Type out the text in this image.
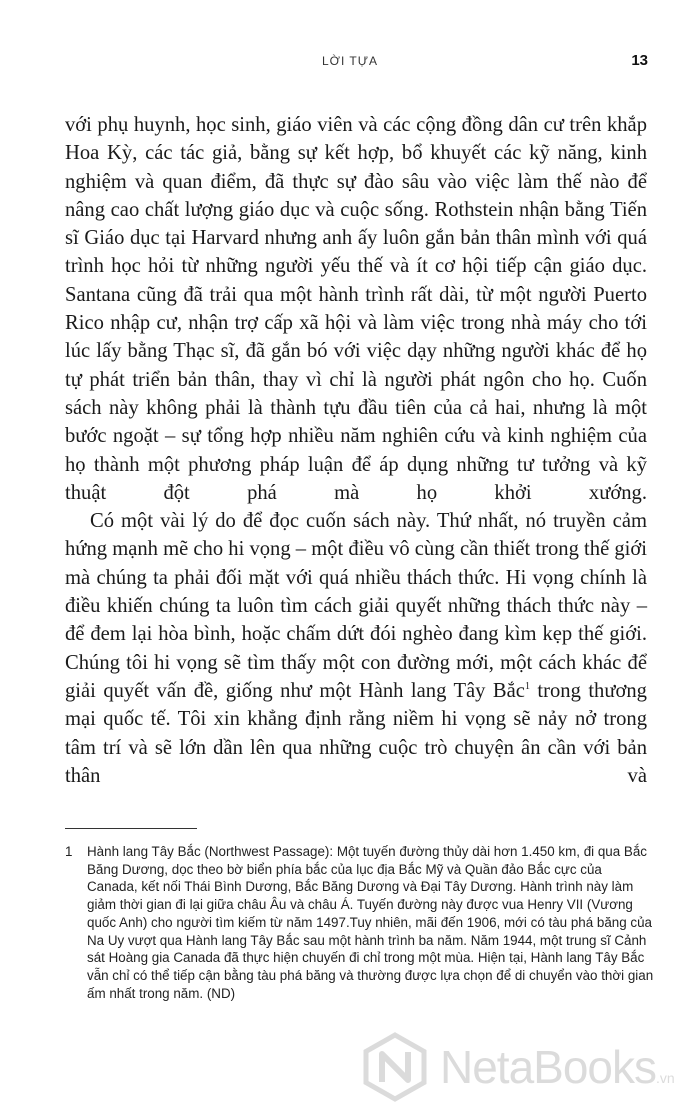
LỜI TỰA	13

với phụ huynh, học sinh, giáo viên và các cộng đồng dân cư trên khắp Hoa Kỳ, các tác giả, bằng sự kết hợp, bổ khuyết các kỹ năng, kinh nghiệm và quan điểm, đã thực sự đào sâu vào việc làm thế nào để nâng cao chất lượng giáo dục và cuộc sống. Rothstein nhận bằng Tiến sĩ Giáo dục tại Harvard nhưng anh ấy luôn gắn bản thân mình với quá trình học hỏi từ những người yếu thế và ít cơ hội tiếp cận giáo dục. Santana cũng đã trải qua một hành trình rất dài, từ một người Puerto Rico nhập cư, nhận trợ cấp xã hội và làm việc trong nhà máy cho tới lúc lấy bằng Thạc sĩ, đã gắn bó với việc dạy những người khác để họ tự phát triển bản thân, thay vì chỉ là người phát ngôn cho họ. Cuốn sách này không phải là thành tựu đầu tiên của cả hai, nhưng là một bước ngoặt – sự tổng hợp nhiều năm nghiên cứu và kinh nghiệm của họ thành một phương pháp luận để áp dụng những tư tưởng và kỹ thuật đột phá mà họ khởi xướng.

Có một vài lý do để đọc cuốn sách này. Thứ nhất, nó truyền cảm hứng mạnh mẽ cho hi vọng – một điều vô cùng cần thiết trong thế giới mà chúng ta phải đối mặt với quá nhiều thách thức. Hi vọng chính là điều khiến chúng ta luôn tìm cách giải quyết những thách thức này – để đem lại hòa bình, hoặc chấm dứt đói nghèo đang kìm kẹp thế giới. Chúng tôi hi vọng sẽ tìm thấy một con đường mới, một cách khác để giải quyết vấn đề, giống như một Hành lang Tây Bắc$^1$ trong thương mại quốc tế. Tôi xin khẳng định rằng niềm hi vọng sẽ nảy nở trong tâm trí và sẽ lớn dần lên qua những cuộc trò chuyện ân cần với bản thân và

1 Hành lang Tây Bắc (Northwest Passage): Một tuyến đường thủy dài hơn 1.450 km, đi qua Bắc Băng Dương, dọc theo bờ biển phía bắc của lục địa Bắc Mỹ và Quần đảo Bắc cực của Canada, kết nối Thái Bình Dương, Bắc Băng Dương và Đại Tây Dương. Hành trình này làm giảm thời gian đi lại giữa châu Âu và châu Á. Tuyến đường này được vua Henry VII (Vương quốc Anh) cho người tìm kiếm từ năm 1497.Tuy nhiên, mãi đến 1906, mới có tàu phá băng của Na Uy vượt qua Hành lang Tây Bắc sau một hành trình ba năm. Năm 1944, một trung sĩ Cảnh sát Hoàng gia Canada đã thực hiện chuyến đi chỉ trong một mùa. Hiện tại, Hành lang Tây Bắc vẫn chỉ có thể tiếp cận bằng tàu phá băng và thường được lựa chọn để di chuyển vào thời gian ấm nhất trong năm. (ND)
NetaBooks.vn
